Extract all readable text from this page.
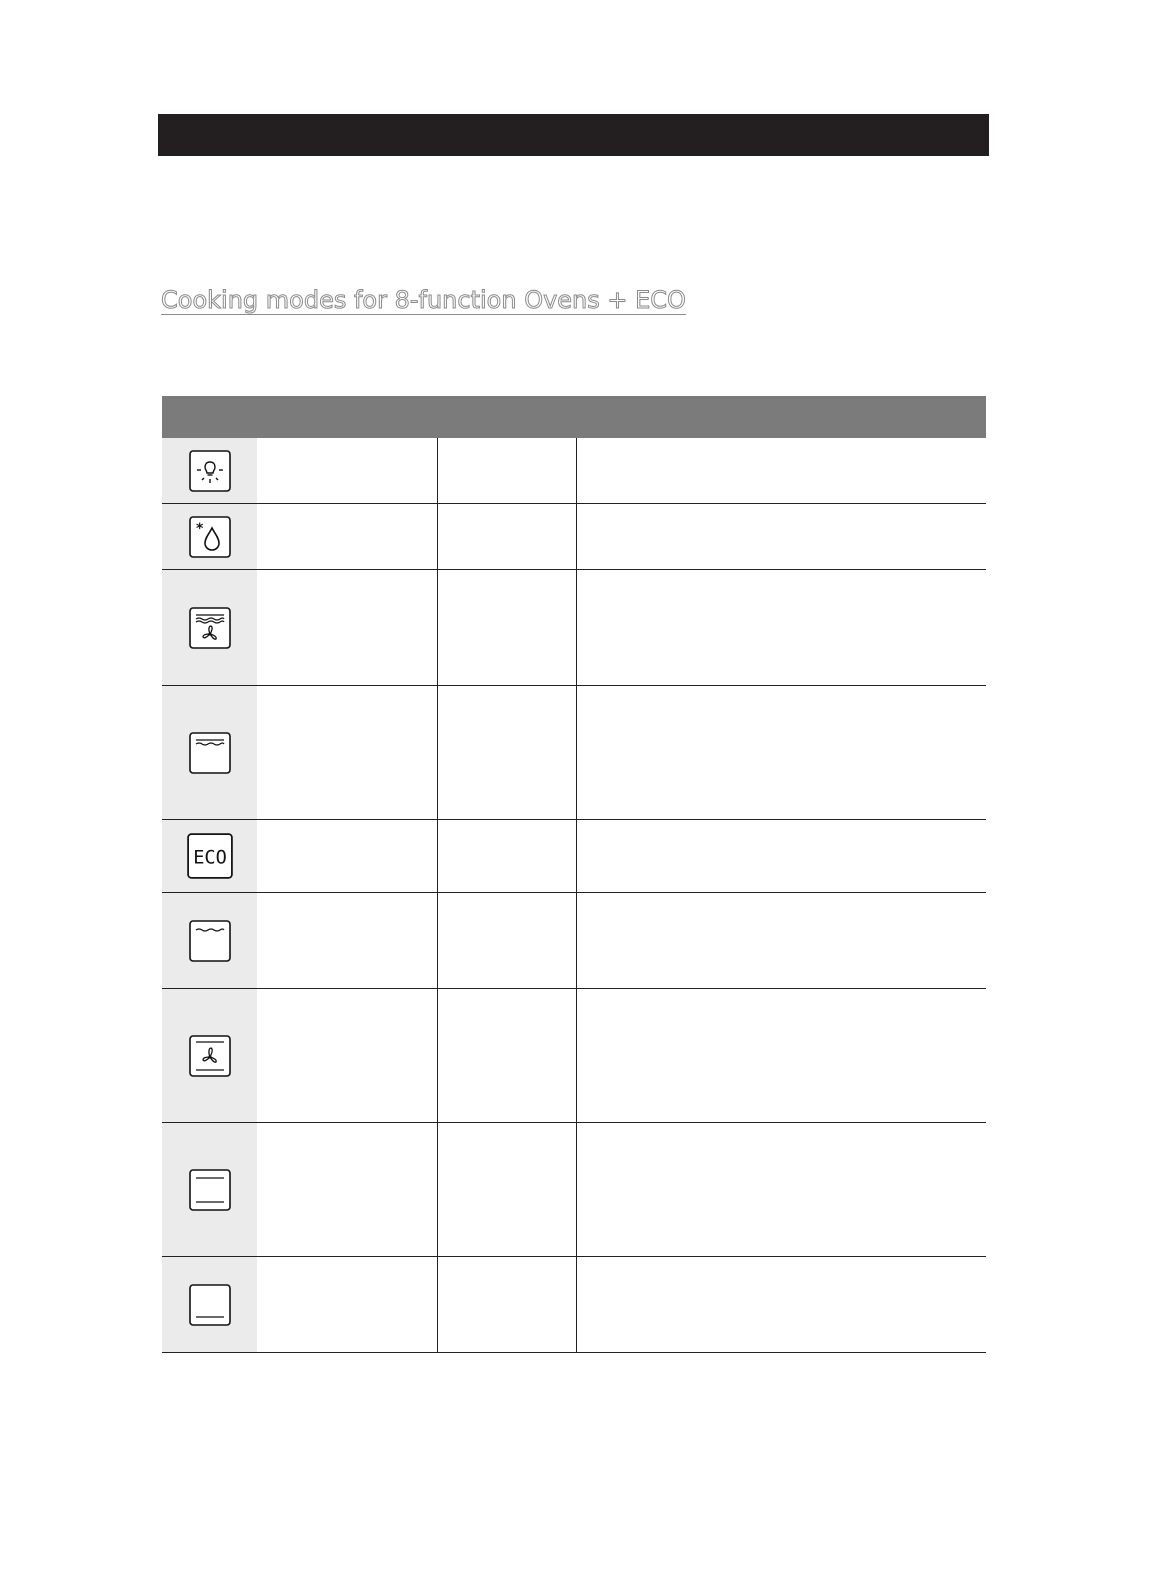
Cooking modes for 8-function Ovens + ECO
*
ECO
